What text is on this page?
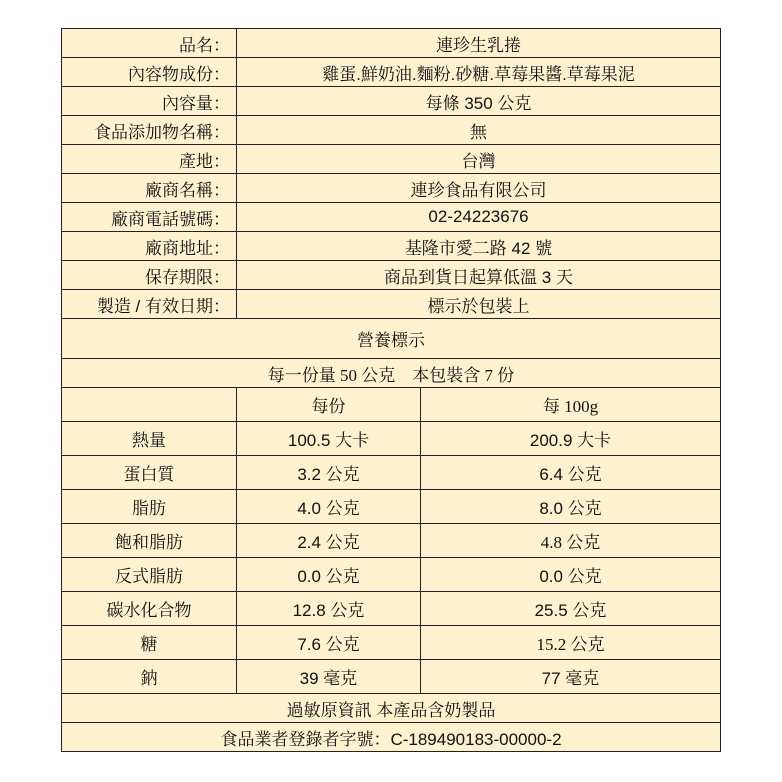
品名：	連珍生乳捲	
內容物成份：	雞蛋.鮮奶油.麵粉.砂糖.草莓果醬.草莓果泥	
內容量：	每條 350 公克	
食品添加物名稱：	無	
產地：	台灣	
廠商名稱：	連珍食品有限公司	
廠商電話號碼：	02-24223676	
廠商地址：	基隆市愛二路 42 號	
保存期限：	商品到貨日起算低溫 3 天	
製造 / 有效日期：	標示於包裝上	
營養標示		
每一份量 50 公克　本包裝含 7 份		
	每份	每 100g
熱量	100.5 大卡	200.9 大卡
蛋白質	3.2 公克	6.4 公克
脂肪	4.0 公克	8.0 公克
飽和脂肪	2.4 公克	4.8 公克
反式脂肪	0.0 公克	0.0 公克
碳水化合物	12.8 公克	25.5 公克
糖	7.6 公克	15.2 公克
鈉	39 毫克	77 毫克
過敏原資訊 本產品含奶製品		
食品業者登錄者字號：C-189490183-00000-2		
